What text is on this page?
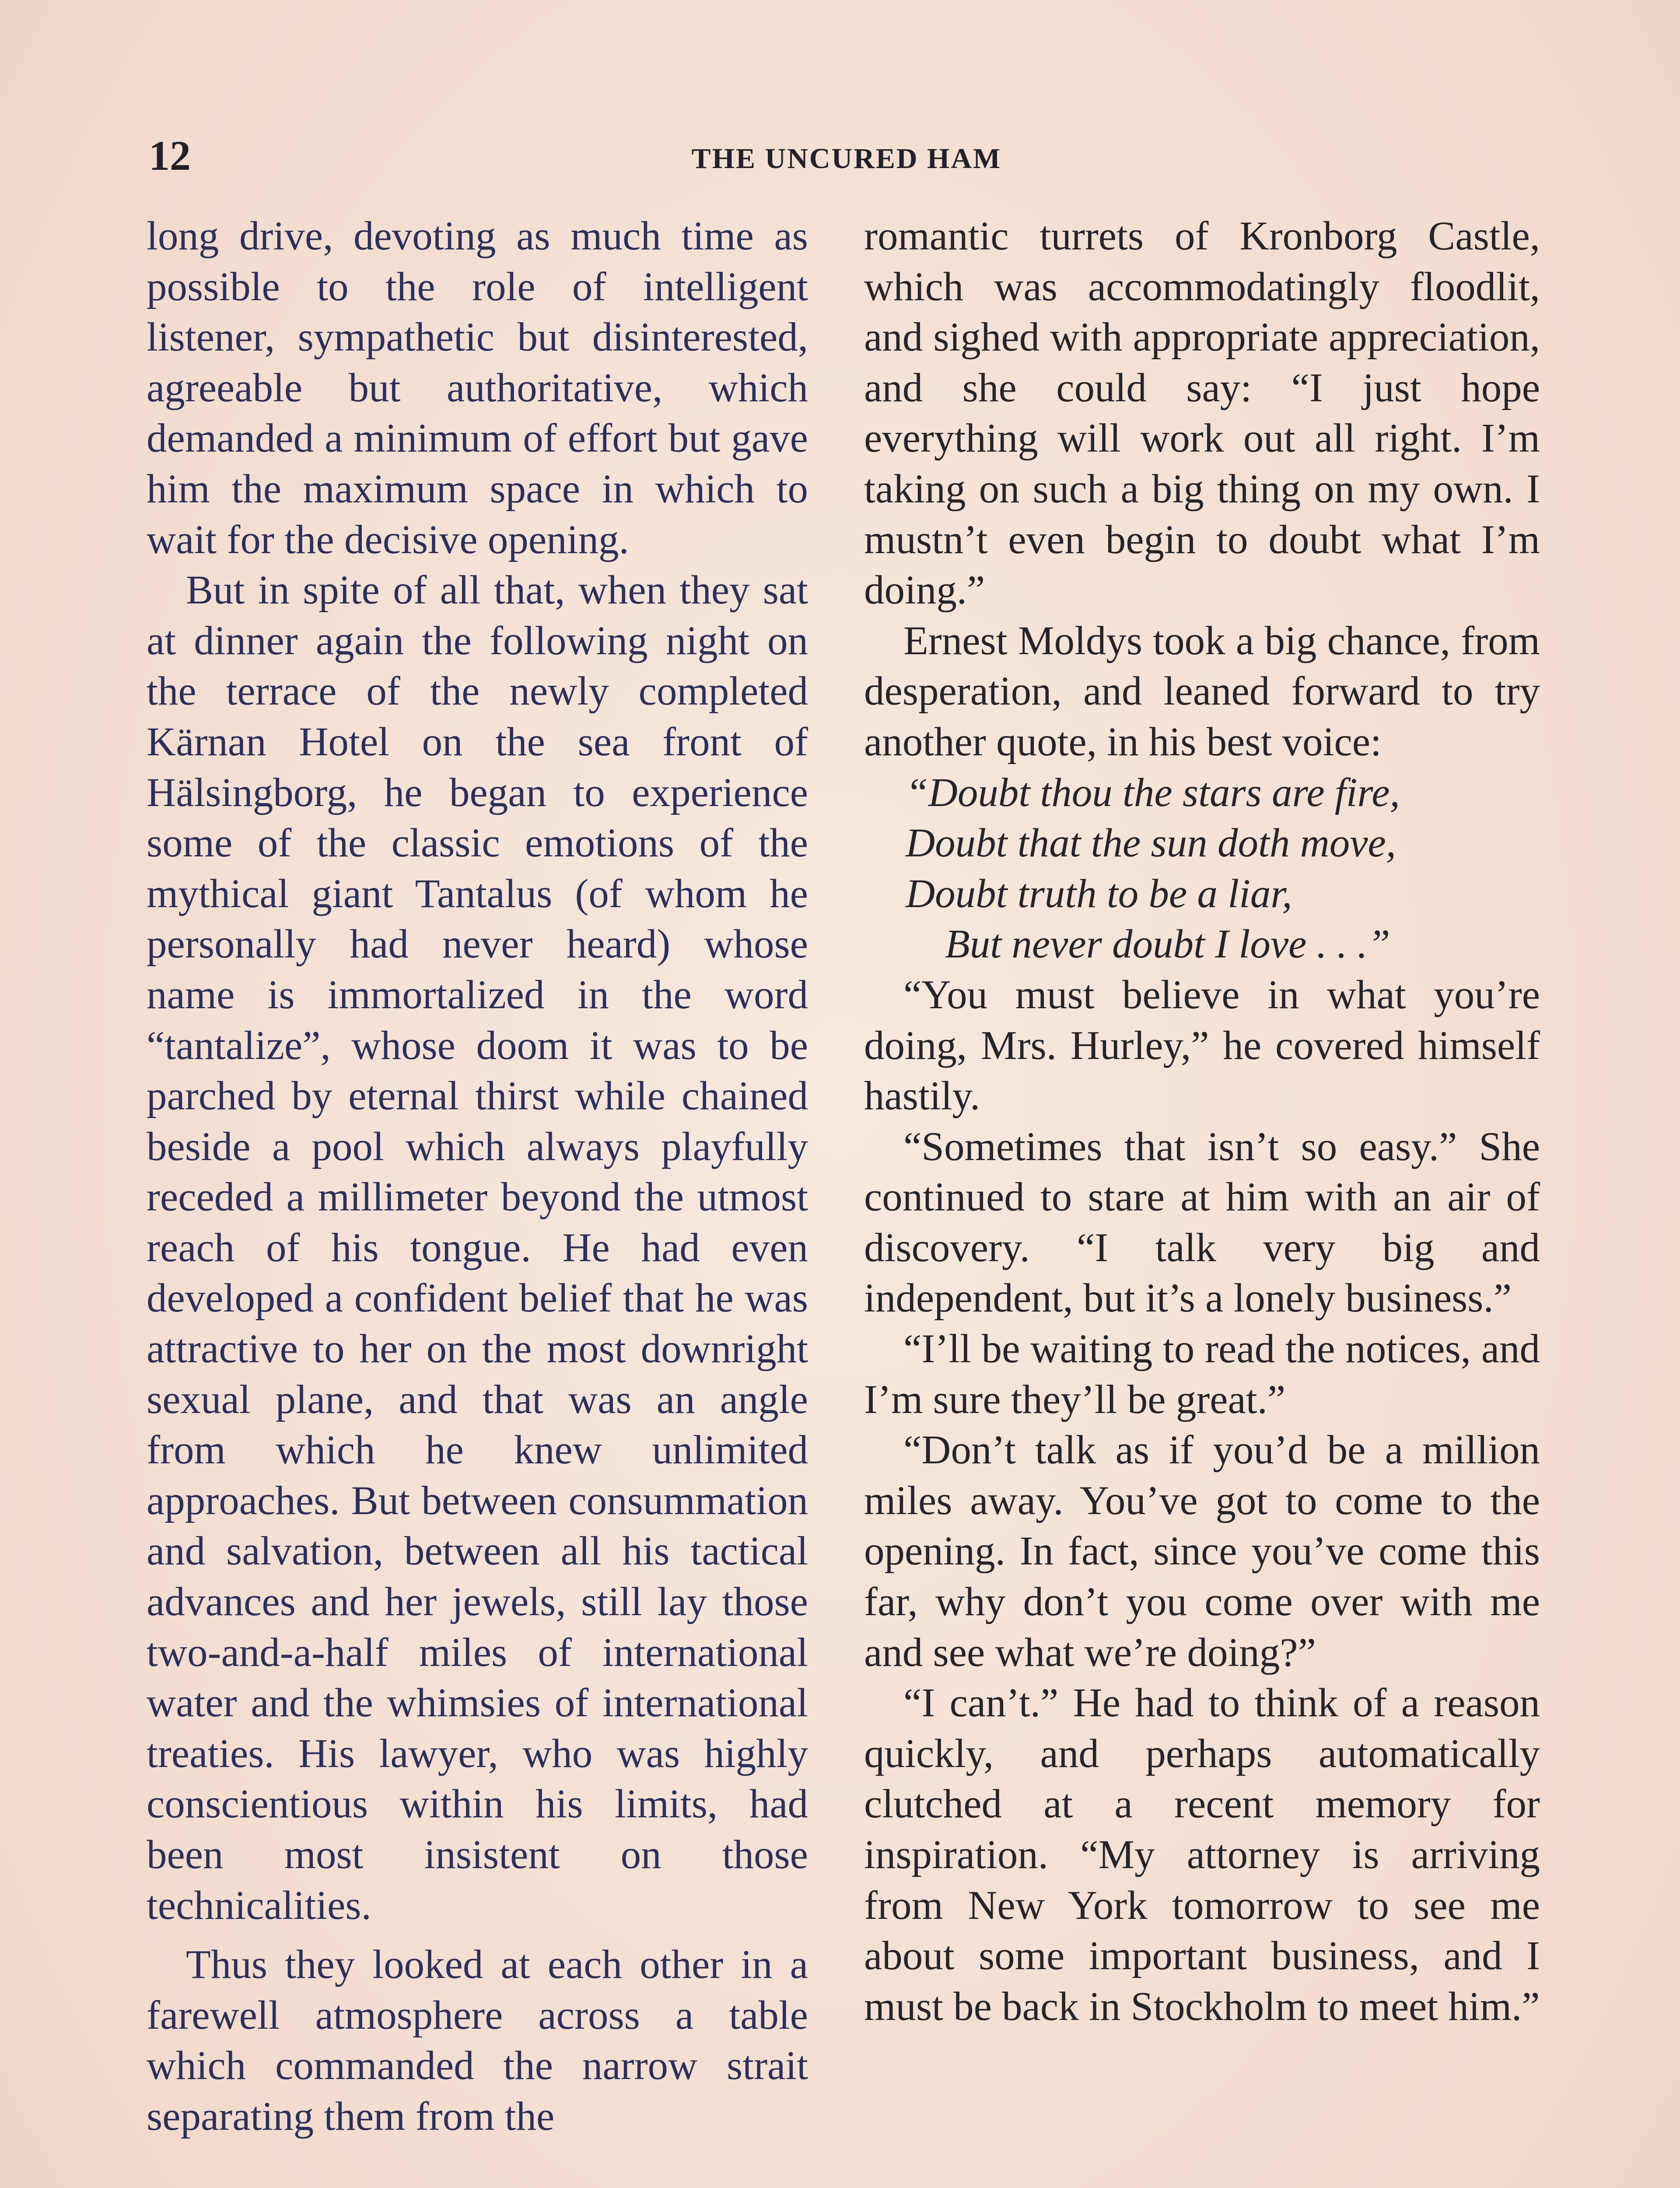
12	THE UNCURED HAM

long drive, devoting as much time as possible to the role of intelligent listener, sympathetic but disinterested, agreeable but authoritative, which demanded a minimum of effort but gave him the maximum space in which to wait for the decisive opening.

But in spite of all that, when they sat at dinner again the following night on the terrace of the newly completed Kärnan Hotel on the sea front of Hälsingborg, he began to experience some of the classic emotions of the mythical giant Tantalus (of whom he personally had never heard) whose name is immortalized in the word “tantalize”, whose doom it was to be parched by eternal thirst while chained beside a pool which always playfully receded a millimeter beyond the utmost reach of his tongue. He had even developed a confident belief that he was attractive to her on the most downright sexual plane, and that was an angle from which he knew unlimited approaches. But between consummation and salvation, between all his tactical advances and her jewels, still lay those two-and-a-half miles of international water and the whimsies of international treaties. His lawyer, who was highly conscientious within his limits, had been most insistent on those technicalities.

Thus they looked at each other in a farewell atmosphere across a table which commanded the narrow strait separating them from the

romantic turrets of Kronborg Castle, which was accommodatingly floodlit, and sighed with appropriate appreciation, and she could say: “I just hope everything will work out all right. I’m taking on such a big thing on my own. I mustn’t even begin to doubt what I’m doing.”

Ernest Moldys took a big chance, from desperation, and leaned forward to try another quote, in his best voice:

“Doubt thou the stars are fire,
Doubt that the sun doth move,
Doubt truth to be a liar,
But never doubt I love . . .”

“You must believe in what you’re doing, Mrs. Hurley,” he covered himself hastily.

“Sometimes that isn’t so easy.” She continued to stare at him with an air of discovery. “I talk very big and independent, but it’s a lonely business.”

“I’ll be waiting to read the notices, and I’m sure they’ll be great.”

“Don’t talk as if you’d be a million miles away. You’ve got to come to the opening. In fact, since you’ve come this far, why don’t you come over with me and see what we’re doing?”

“I can’t.” He had to think of a reason quickly, and perhaps automatically clutched at a recent memory for inspiration. “My attorney is arriving from New York tomorrow to see me about some important business, and I must be back in Stockholm to meet him.”
